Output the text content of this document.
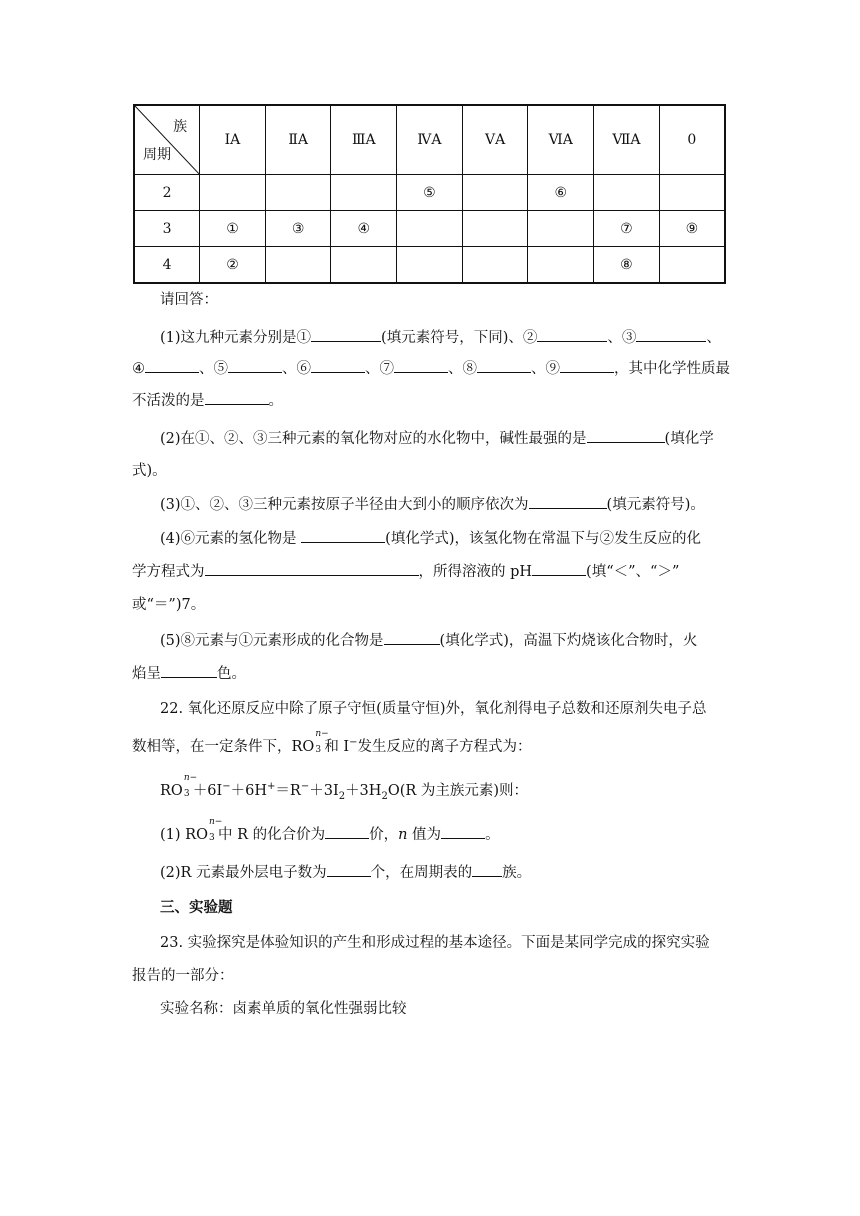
族
周期	ⅠA	ⅡA	ⅢA	ⅣA	ⅤA	ⅥA	ⅦA	0
2				⑤		⑥		
3	①	③	④				⑦	⑨
4	②						⑧	
请回答：
(1)这九种元素分别是①	(填元素符号，下同)、②	、③	、
④	、⑤	、⑥	、⑦	、⑧	、⑨	，其中化学性质最
不活泼的是	。
(2)在①、②、③三种元素的氧化物对应的水化物中，碱性最强的是	(填化学
式)。
(3)①、②、③三种元素按原子半径由大到小的顺序依次为	(填元素符号)。
(4)⑥元素的氢化物是	(填化学式)，该氢化物在常温下与②发生反应的化
学方程式为	，所得溶液的 pH	(填“＜”、“＞”
或“＝”)7。
(5)⑧元素与①元素形成的化合物是	(填化学式)，高温下灼烧该化合物时，火
焰呈	色。
22. 氧化还原反应中除了原子守恒(质量守恒)外，氧化剂得电子总数和还原剂失电子总
数相等，在一定条件下，RO
n−
3 和 I−发生反应的离子方程式为：
RO
n−
$3 +6I^-+6H^+=R^-+3I_2+3H_2O(R$ 为主族元素)则：
(1) RO
n−
3 中 R 的化合价为	价，n 值为	。
(2)R 元素最外层电子数为	个，在周期表的 族。
三、实验题
23. 实验探究是体验知识的产生和形成过程的基本途径。下面是某同学完成的探究实验
报告的一部分：
实验名称：卤素单质的氧化性强弱比较
